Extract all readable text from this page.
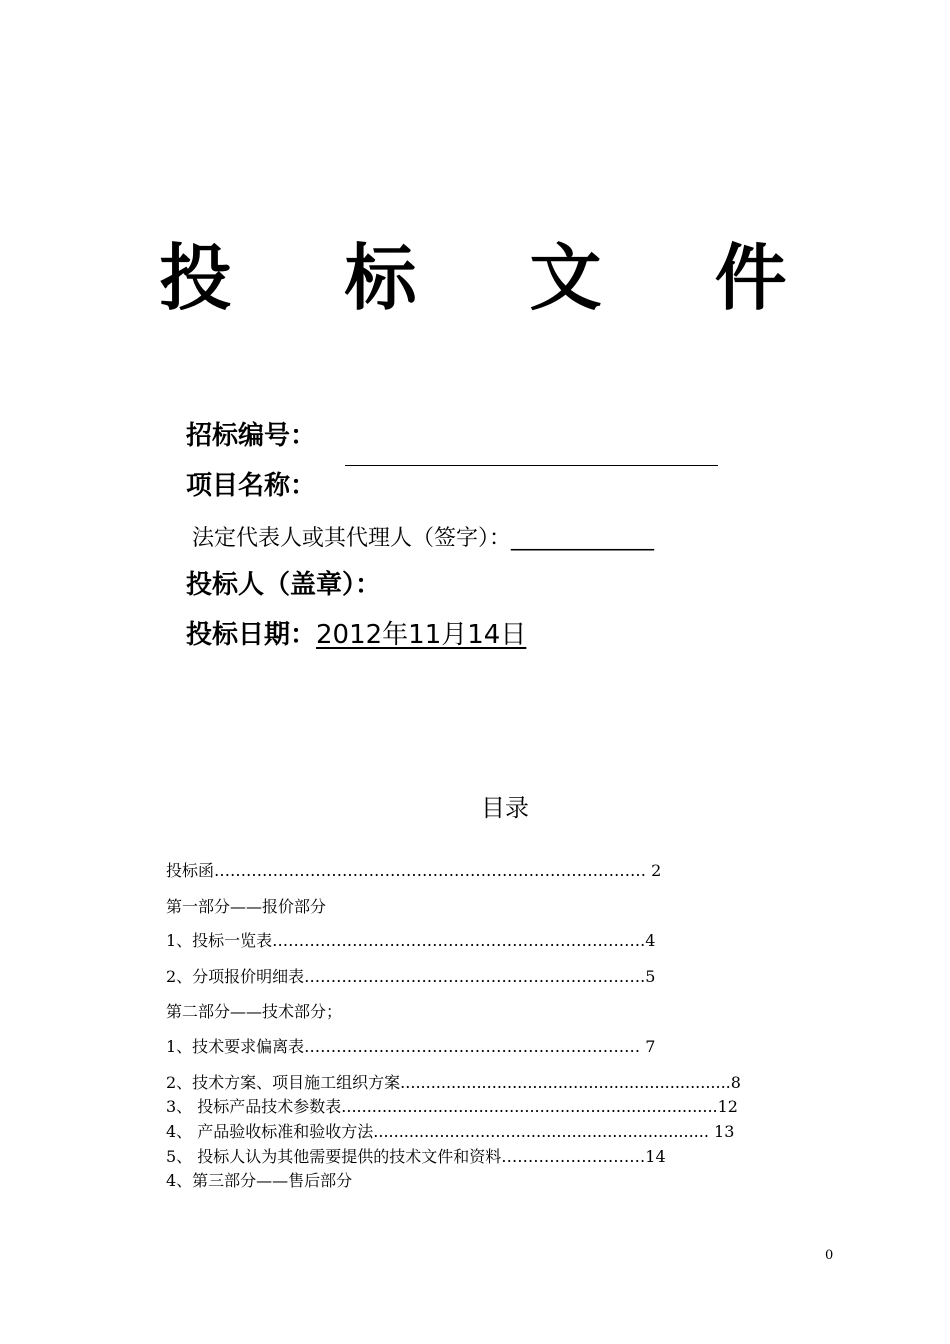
投 标 文 件
招标编号：
项目名称：
法定代表人或其代理人（签字）：_____________
投标人（盖章）：
投标日期：2012年11月14日
目录
投标函……………………………………………………………………… 2
第一部分——报价部分
1、投标一览表…………………………………………………………….4
2、分项报价明细表……………………………………………………….5
第二部分——技术部分；
1、技术要求偏离表……………………………………………………… 7
2、技术方案、项目施工组织方案.................................................................8
3、 投标产品技术参数表..........................................................................12
4、 产品验收标准和验收方法.................................................................. 13
5、 投标人认为其他需要提供的技术文件和资料………………………14
4、第三部分——售后部分
0
